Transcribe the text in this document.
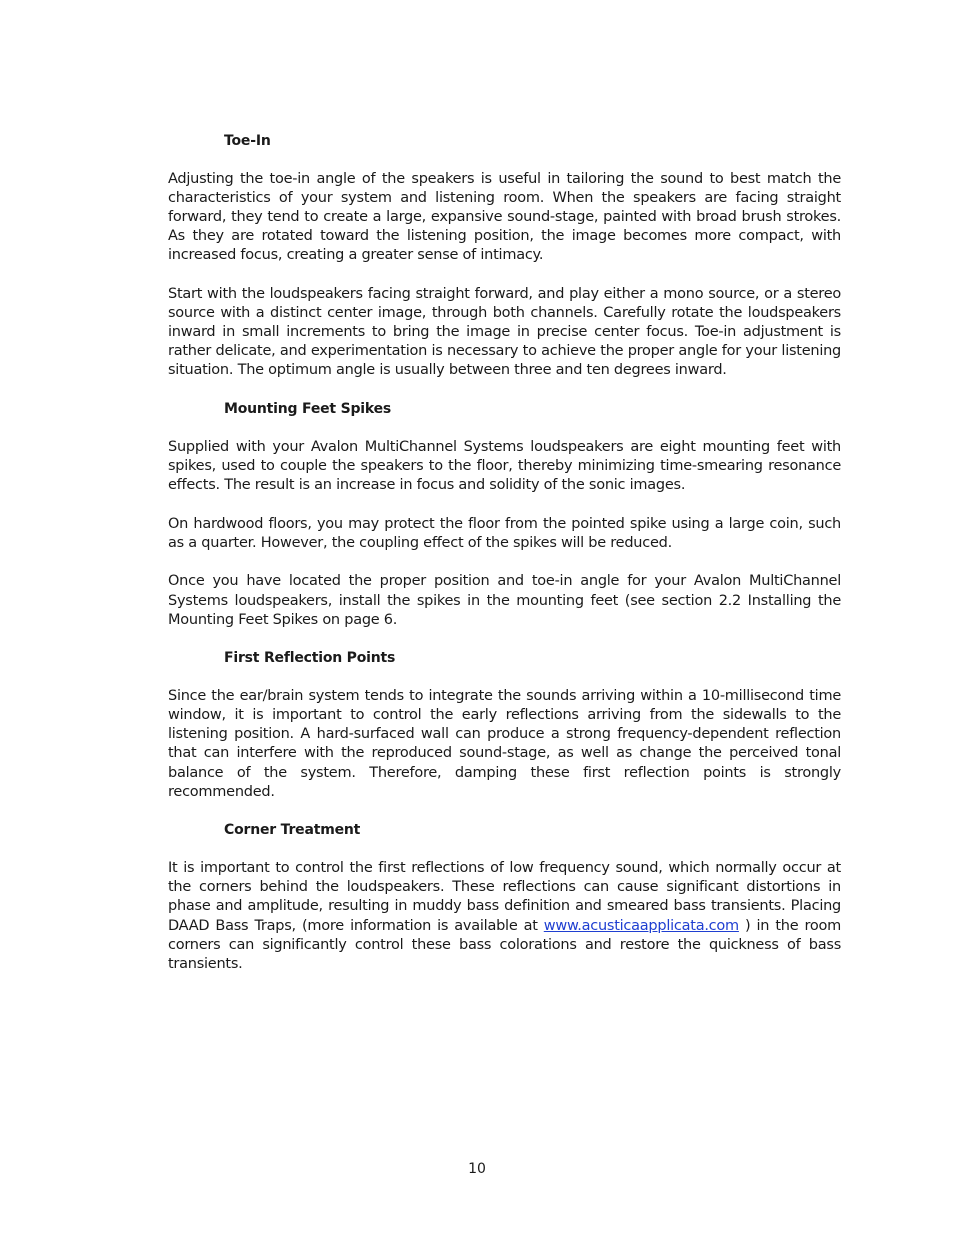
Toe-In

Adjusting the toe-in angle of the speakers is useful in tailoring the sound to best match the characteristics of your system and listening room. When the speakers are facing straight forward, they tend to create a large, expansive sound-stage, painted with broad brush strokes. As they are rotated toward the listening position, the image becomes more compact, with increased focus, creating a greater sense of intimacy.

Start with the loudspeakers facing straight forward, and play either a mono source, or a stereo source with a distinct center image, through both channels. Carefully rotate the loudspeakers inward in small increments to bring the image in precise center focus. Toe-in adjustment is rather delicate, and experimentation is necessary to achieve the proper angle for your listening situation. The optimum angle is usually between three and ten degrees inward.

Mounting Feet Spikes

Supplied with your Avalon MultiChannel Systems loudspeakers are eight mounting feet with spikes, used to couple the speakers to the floor, thereby minimizing time-smearing resonance effects. The result is an increase in focus and solidity of the sonic images.

On hardwood floors, you may protect the floor from the pointed spike using a large coin, such as a quarter. However, the coupling effect of the spikes will be reduced.

Once you have located the proper position and toe-in angle for your Avalon MultiChannel Systems loudspeakers, install the spikes in the mounting feet (see section 2.2 Installing the Mounting Feet Spikes on page 6.

First Reflection Points

Since the ear/brain system tends to integrate the sounds arriving within a 10-millisecond time window, it is important to control the early reflections arriving from the sidewalls to the listening position. A hard-surfaced wall can produce a strong frequency-dependent reflection that can interfere with the reproduced sound-stage, as well as change the perceived tonal balance of the system. Therefore, damping these first reflection points is strongly recommended.

Corner Treatment

It is important to control the first reflections of low frequency sound, which normally occur at the corners behind the loudspeakers. These reflections can cause significant distortions in phase and amplitude, resulting in muddy bass definition and smeared bass transients. Placing DAAD Bass Traps, (more information is available at www.acusticaapplicata.com ) in the room corners can significantly control these bass colorations and restore the quickness of bass transients.

10
